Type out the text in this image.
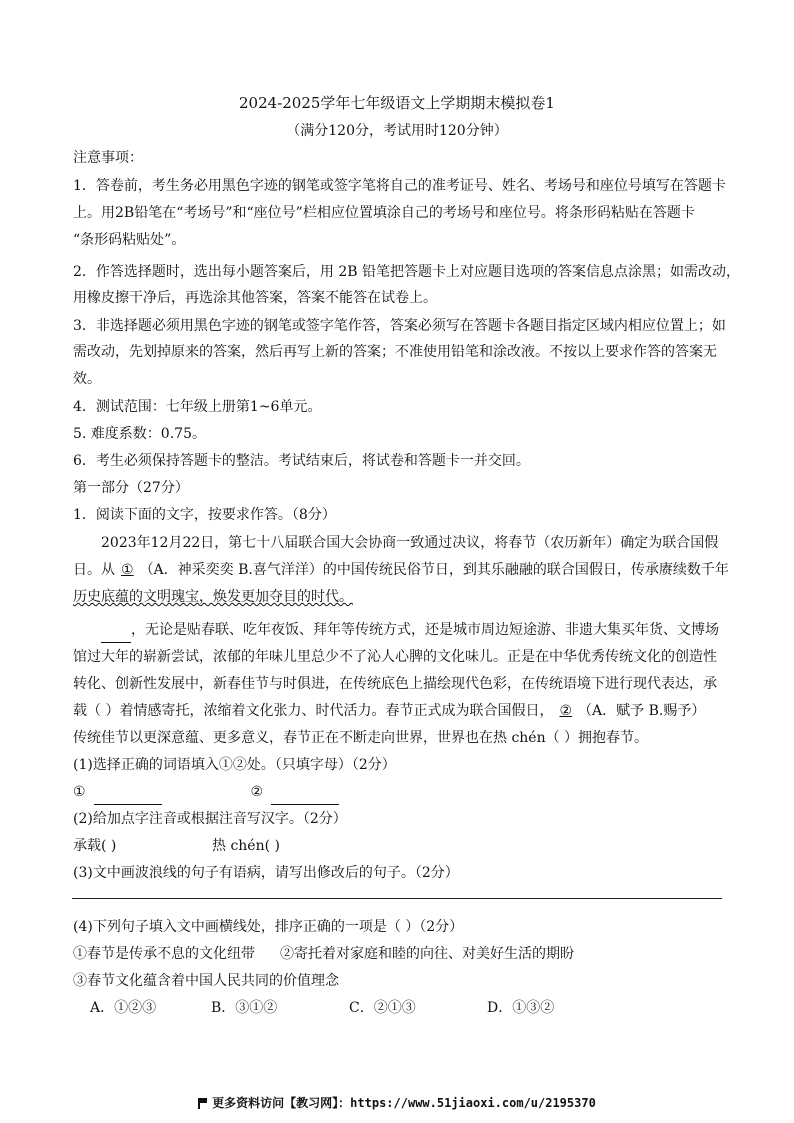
2024-2025学年七年级语文上学期期末模拟卷1
（满分120分，考试用时120分钟）
注意事项：
1．答卷前，考生务必用黑色字迹的钢笔或签字笔将自己的准考证号、姓名、考场号和座位号填写在答题卡
上。用2B铅笔在“考场号”和“座位号”栏相应位置填涂自己的考场号和座位号。将条形码粘贴在答题卡
“条形码粘贴处”。
2．作答选择题时，选出每小题答案后，用 2B 铅笔把答题卡上对应题目选项的答案信息点涂黑；如需改动，
用橡皮擦干净后，再选涂其他答案，答案不能答在试卷上。
3．非选择题必须用黑色字迹的钢笔或签字笔作答，答案必须写在答题卡各题目指定区域内相应位置上；如
需改动，先划掉原来的答案，然后再写上新的答案；不准使用铅笔和涂改液。不按以上要求作答的答案无
效。
4．测试范围：七年级上册第1~6单元。
5. 难度系数：0.75。
6．考生必须保持答题卡的整洁。考试结束后，将试卷和答题卡一并交回。
第一部分（27分）
1．阅读下面的文字，按要求作答。（8分）
2023年12月22日，第七十八届联合国大会协商一致通过决议，将春节（农历新年）确定为联合国假
日。从 ① （A．神采奕奕 B.喜气洋洋）的中国传统民俗节日，到其乐融融的联合国假日，传承赓续数千年
历史底蕴的文明瑰宝，焕发更加夺目的时代。
，无论是贴春联、吃年夜饭、拜年等传统方式，还是城市周边短途游、非遗大集买年货、文博场
馆过大年的崭新尝试，浓郁的年味儿里总少不了沁人心脾的文化味儿。正是在中华优秀传统文化的创造性
转化、创新性发展中，新春佳节与时俱进，在传统底色上描绘现代色彩，在传统语境下进行现代表达，承
载（ ）着情感寄托，浓缩着文化张力、时代活力。春节正式成为联合国假日， ② （A．赋予 B.赐予）
传统佳节以更深意蕴、更多意义，春节正在不断走向世界，世界也在热 chén（ ）拥抱春节。
(1)选择正确的词语填入①②处。（只填字母）（2分）
①	②
(2)给加点字注音或根据注音写汉字。（2分）
承载( )	热 chén( )
(3)文中画波浪线的句子有语病，请写出修改后的句子。（2分）
(4)下列句子填入文中画横线处，排序正确的一项是（ ）（2分）
①春节是传承不息的文化纽带 ②寄托着对家庭和睦的向往、对美好生活的期盼
③春节文化蕴含着中国人民共同的价值理念
A．①②③	B．③①②	C．②①③	D．①③②
更多资料访问【教习网】：https://www.51jiaoxi.com/u/2195370
